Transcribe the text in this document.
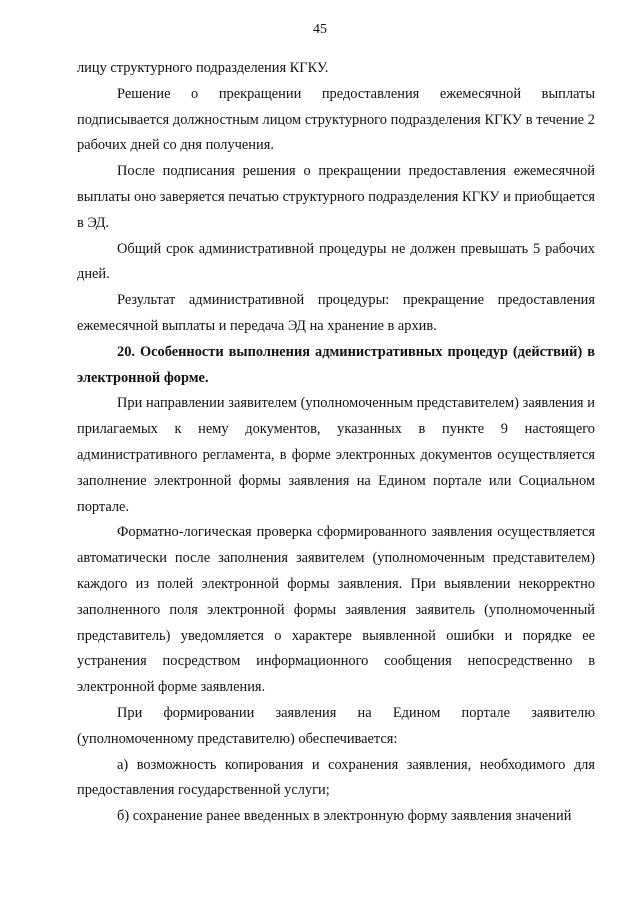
45

лицу структурного подразделения КГКУ.

Решение о прекращении предоставления ежемесячной выплаты подписывается должностным лицом структурного подразделения КГКУ в течение 2 рабочих дней со дня получения.

После подписания решения о прекращении предоставления ежемесячной выплаты оно заверяется печатью структурного подразделения КГКУ и приобщается в ЭД.

Общий срок административной процедуры не должен превышать 5 рабочих дней.

Результат административной процедуры: прекращение предоставления ежемесячной выплаты и передача ЭД на хранение в архив.

20. Особенности выполнения административных процедур (действий) в электронной форме.

При направлении заявителем (уполномоченным представителем) заявления и прилагаемых к нему документов, указанных в пункте 9 настоящего административного регламента, в форме электронных документов осуществляется заполнение электронной формы заявления на Едином портале или Социальном портале.

Форматно-логическая проверка сформированного заявления осуществляется автоматически после заполнения заявителем (уполномоченным представителем) каждого из полей электронной формы заявления. При выявлении некорректно заполненного поля электронной формы заявления заявитель (уполномоченный представитель) уведомляется о характере выявленной ошибки и порядке ее устранения посредством информационного сообщения непосредственно в электронной форме заявления.

При формировании заявления на Едином портале заявителю (уполномоченному представителю) обеспечивается:

а) возможность копирования и сохранения заявления, необходимого для предоставления государственной услуги;

б) сохранение ранее введенных в электронную форму заявления значений
